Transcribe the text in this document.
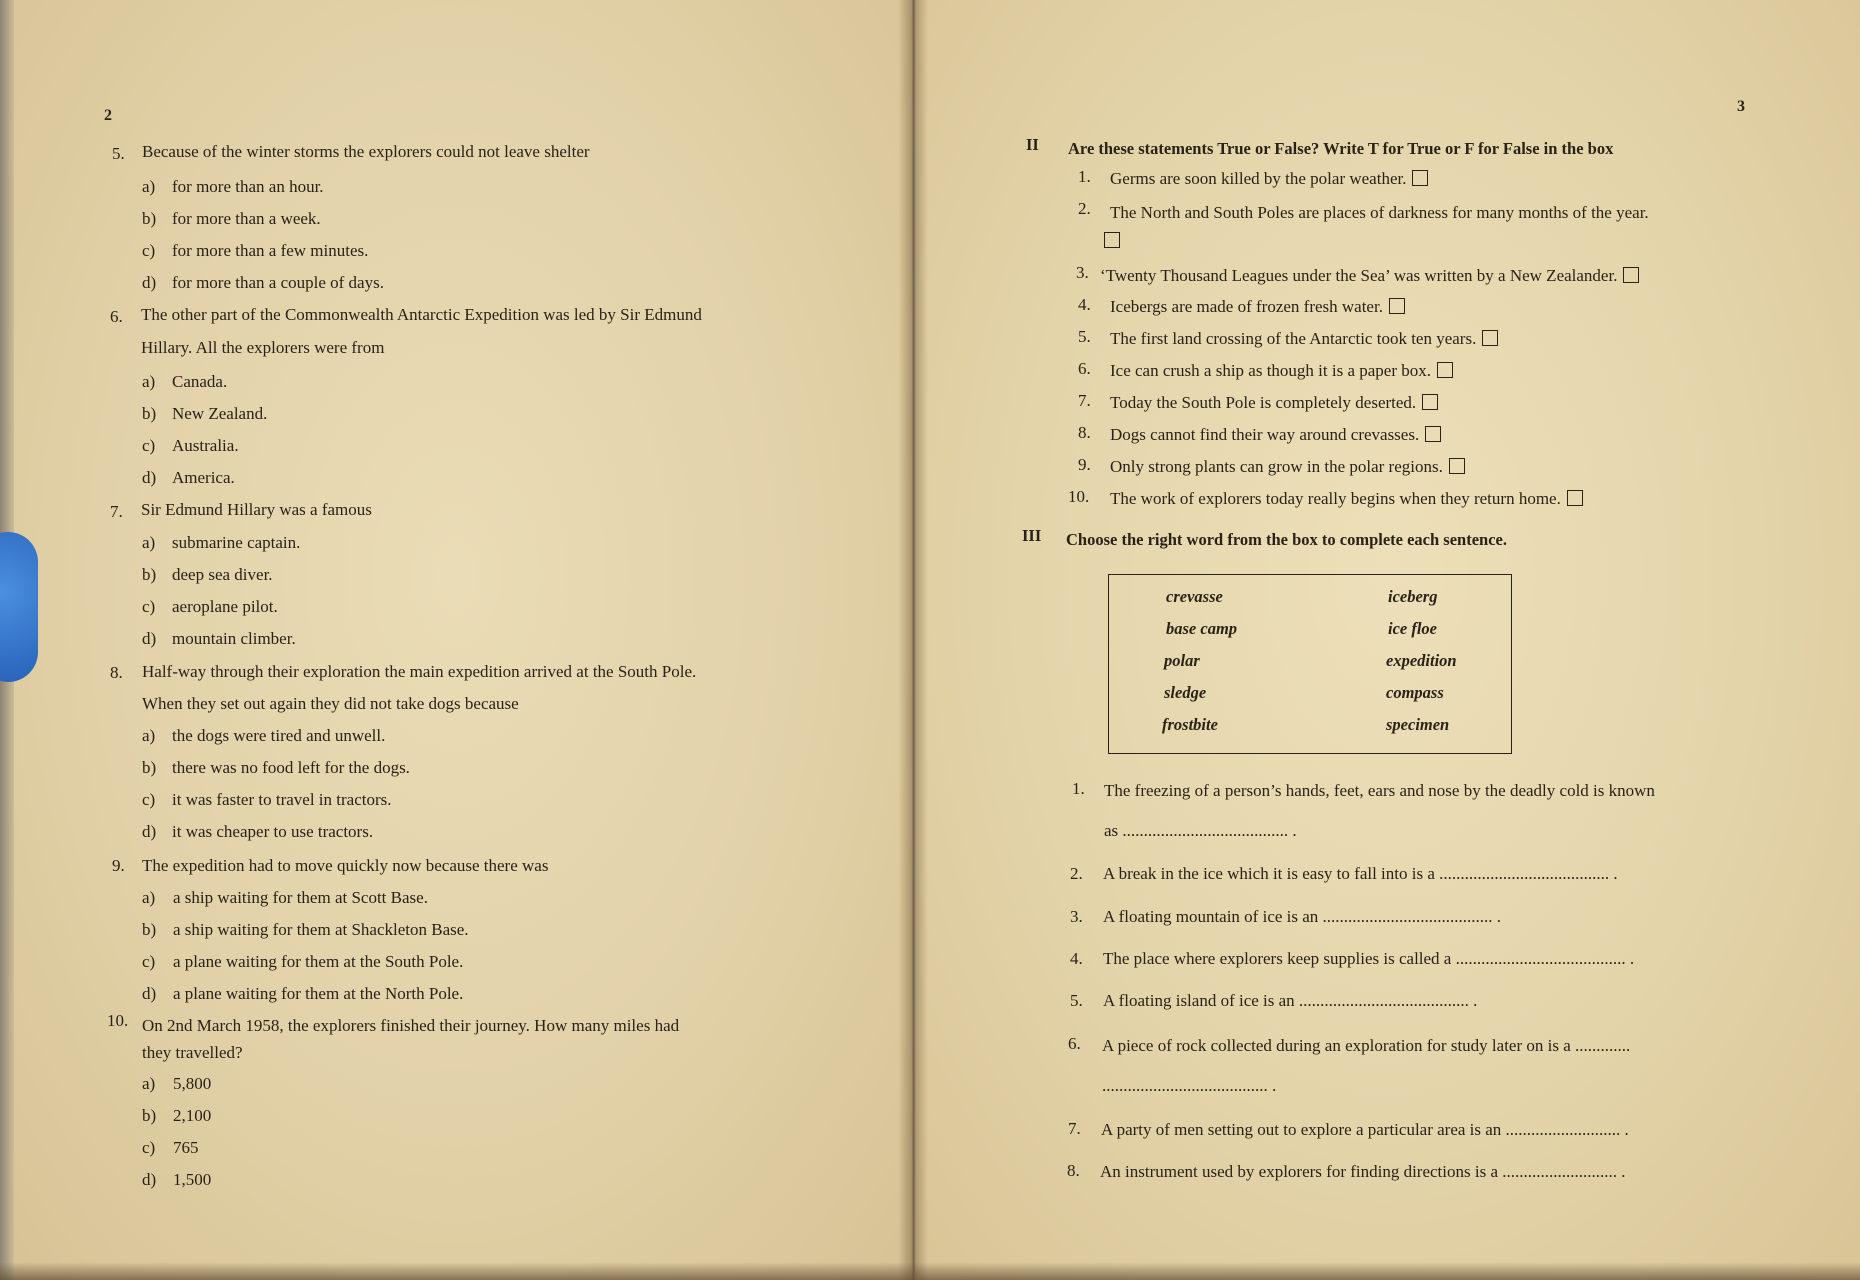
2
5. Because of the winter storms the explorers could not leave shelter
a) for more than an hour.
b) for more than a week.
c) for more than a few minutes.
d) for more than a couple of days.
6. The other part of the Commonwealth Antarctic Expedition was led by Sir Edmund
Hillary. All the explorers were from
a) Canada.
b) New Zealand.
c) Australia.
d) America.
7. Sir Edmund Hillary was a famous
a) submarine captain.
b) deep sea diver.
c) aeroplane pilot.
d) mountain climber.
8. Half-way through their exploration the main expedition arrived at the South Pole.
When they set out again they did not take dogs because
a) the dogs were tired and unwell.
b) there was no food left for the dogs.
c) it was faster to travel in tractors.
d) it was cheaper to use tractors.
9. The expedition had to move quickly now because there was
a) a ship waiting for them at Scott Base.
b) a ship waiting for them at Shackleton Base.
c) a plane waiting for them at the South Pole.
d) a plane waiting for them at the North Pole.
10. On 2nd March 1958, the explorers finished their journey. How many miles had
they travelled?
a) 5,800
b) 2,100
c) 765
d) 1,500
3
II Are these statements True or False? Write T for True or F for False in the box
1. Germs are soon killed by the polar weather.
2. The North and South Poles are places of darkness for many months of the year.
3. ‘Twenty Thousand Leagues under the Sea’ was written by a New Zealander.
4. Icebergs are made of frozen fresh water.
5. The first land crossing of the Antarctic took ten years.
6. Ice can crush a ship as though it is a paper box.
7. Today the South Pole is completely deserted.
8. Dogs cannot find their way around crevasses.
9. Only strong plants can grow in the polar regions.
10. The work of explorers today really begins when they return home.
III Choose the right word from the box to complete each sentence.
crevasse
base camp
polar
sledge
frostbite
iceberg
ice floe
expedition
compass
specimen
1. The freezing of a person’s hands, feet, ears and nose by the deadly cold is known
as ....................................... .
2. A break in the ice which it is easy to fall into is a ........................................ .
3. A floating mountain of ice is an ........................................ .
4. The place where explorers keep supplies is called a ........................................ .
5. A floating island of ice is an ........................................ .
6. A piece of rock collected during an exploration for study later on is a .............
....................................... .
7. A party of men setting out to explore a particular area is an ........................... .
8. An instrument used by explorers for finding directions is a ........................... .
